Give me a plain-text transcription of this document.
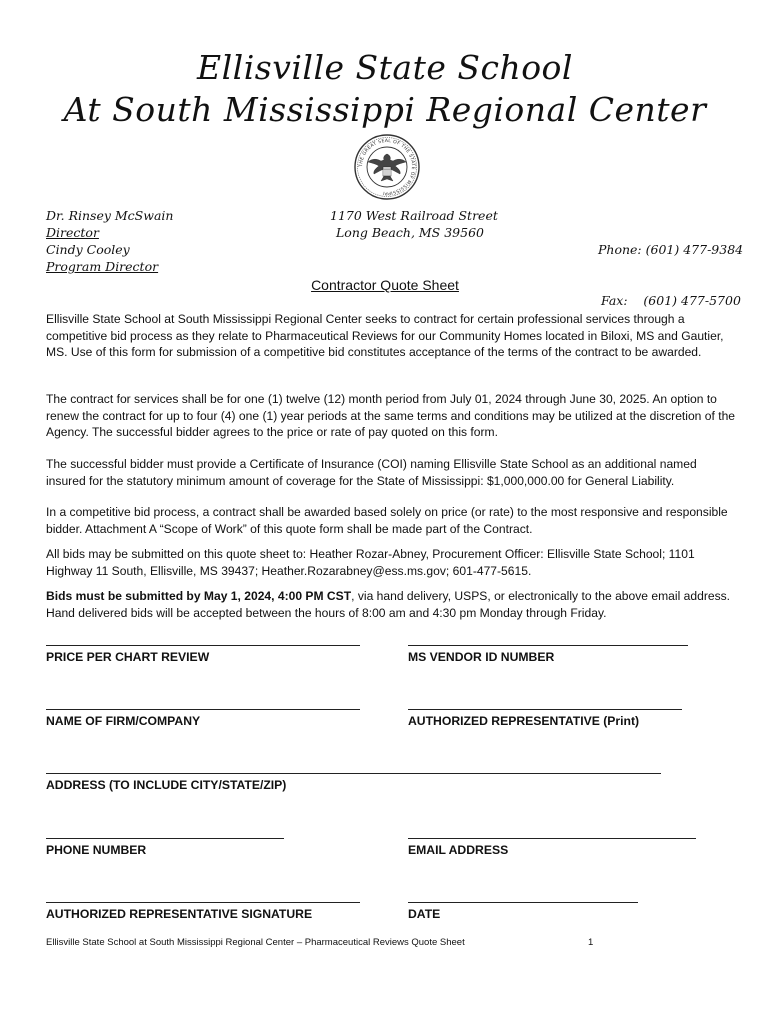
Ellisville State School
At South Mississippi Regional Center
THE GREAT SEAL OF THE STATE OF MISSISSIPPI
Dr. Rinsey McSwain
Director
Cindy Cooley
Program Director
1170 West Railroad Street
Long Beach, MS 39560

Phone: (601) 477-9384

Fax:    (601) 477-5700

Contractor Quote Sheet

Ellisville State School at South Mississippi Regional Center seeks to contract for certain professional services through a competitive bid process as they relate to Pharmaceutical Reviews for our Community Homes located in Biloxi, MS and Gautier, MS. Use of this form for submission of a competitive bid constitutes acceptance of the terms of the contract to be awarded.

The contract for services shall be for one (1) twelve (12) month period from July 01, 2024 through June 30, 2025. An option to renew the contract for up to four (4) one (1) year periods at the same terms and conditions may be utilized at the discretion of the Agency. The successful bidder agrees to the price or rate of pay quoted on this form.

The successful bidder must provide a Certificate of Insurance (COI) naming Ellisville State School as an additional named insured for the statutory minimum amount of coverage for the State of Mississippi: $1,000,000.00 for General Liability.

In a competitive bid process, a contract shall be awarded based solely on price (or rate) to the most responsive and responsible bidder. Attachment A “Scope of Work” of this quote form shall be made part of the Contract.

All bids may be submitted on this quote sheet to: Heather Rozar-Abney, Procurement Officer: Ellisville State School; 1101 Highway 11 South, Ellisville, MS 39437; Heather.Rozarabney@ess.ms.gov; 601-477-5615.

Bids must be submitted by May 1, 2024, 4:00 PM CST, via hand delivery, USPS, or electronically to the above email address. Hand delivered bids will be accepted between the hours of 8:00 am and 4:30 pm Monday through Friday.

PRICE PER CHART REVIEW	MS VENDOR ID NUMBER
NAME OF FIRM/COMPANY	AUTHORIZED REPRESENTATIVE (Print)
ADDRESS (TO INCLUDE CITY/STATE/ZIP)
PHONE NUMBER	EMAIL ADDRESS
AUTHORIZED REPRESENTATIVE SIGNATURE	DATE
Ellisville State School at South Mississippi Regional Center – Pharmaceutical Reviews Quote Sheet	1
